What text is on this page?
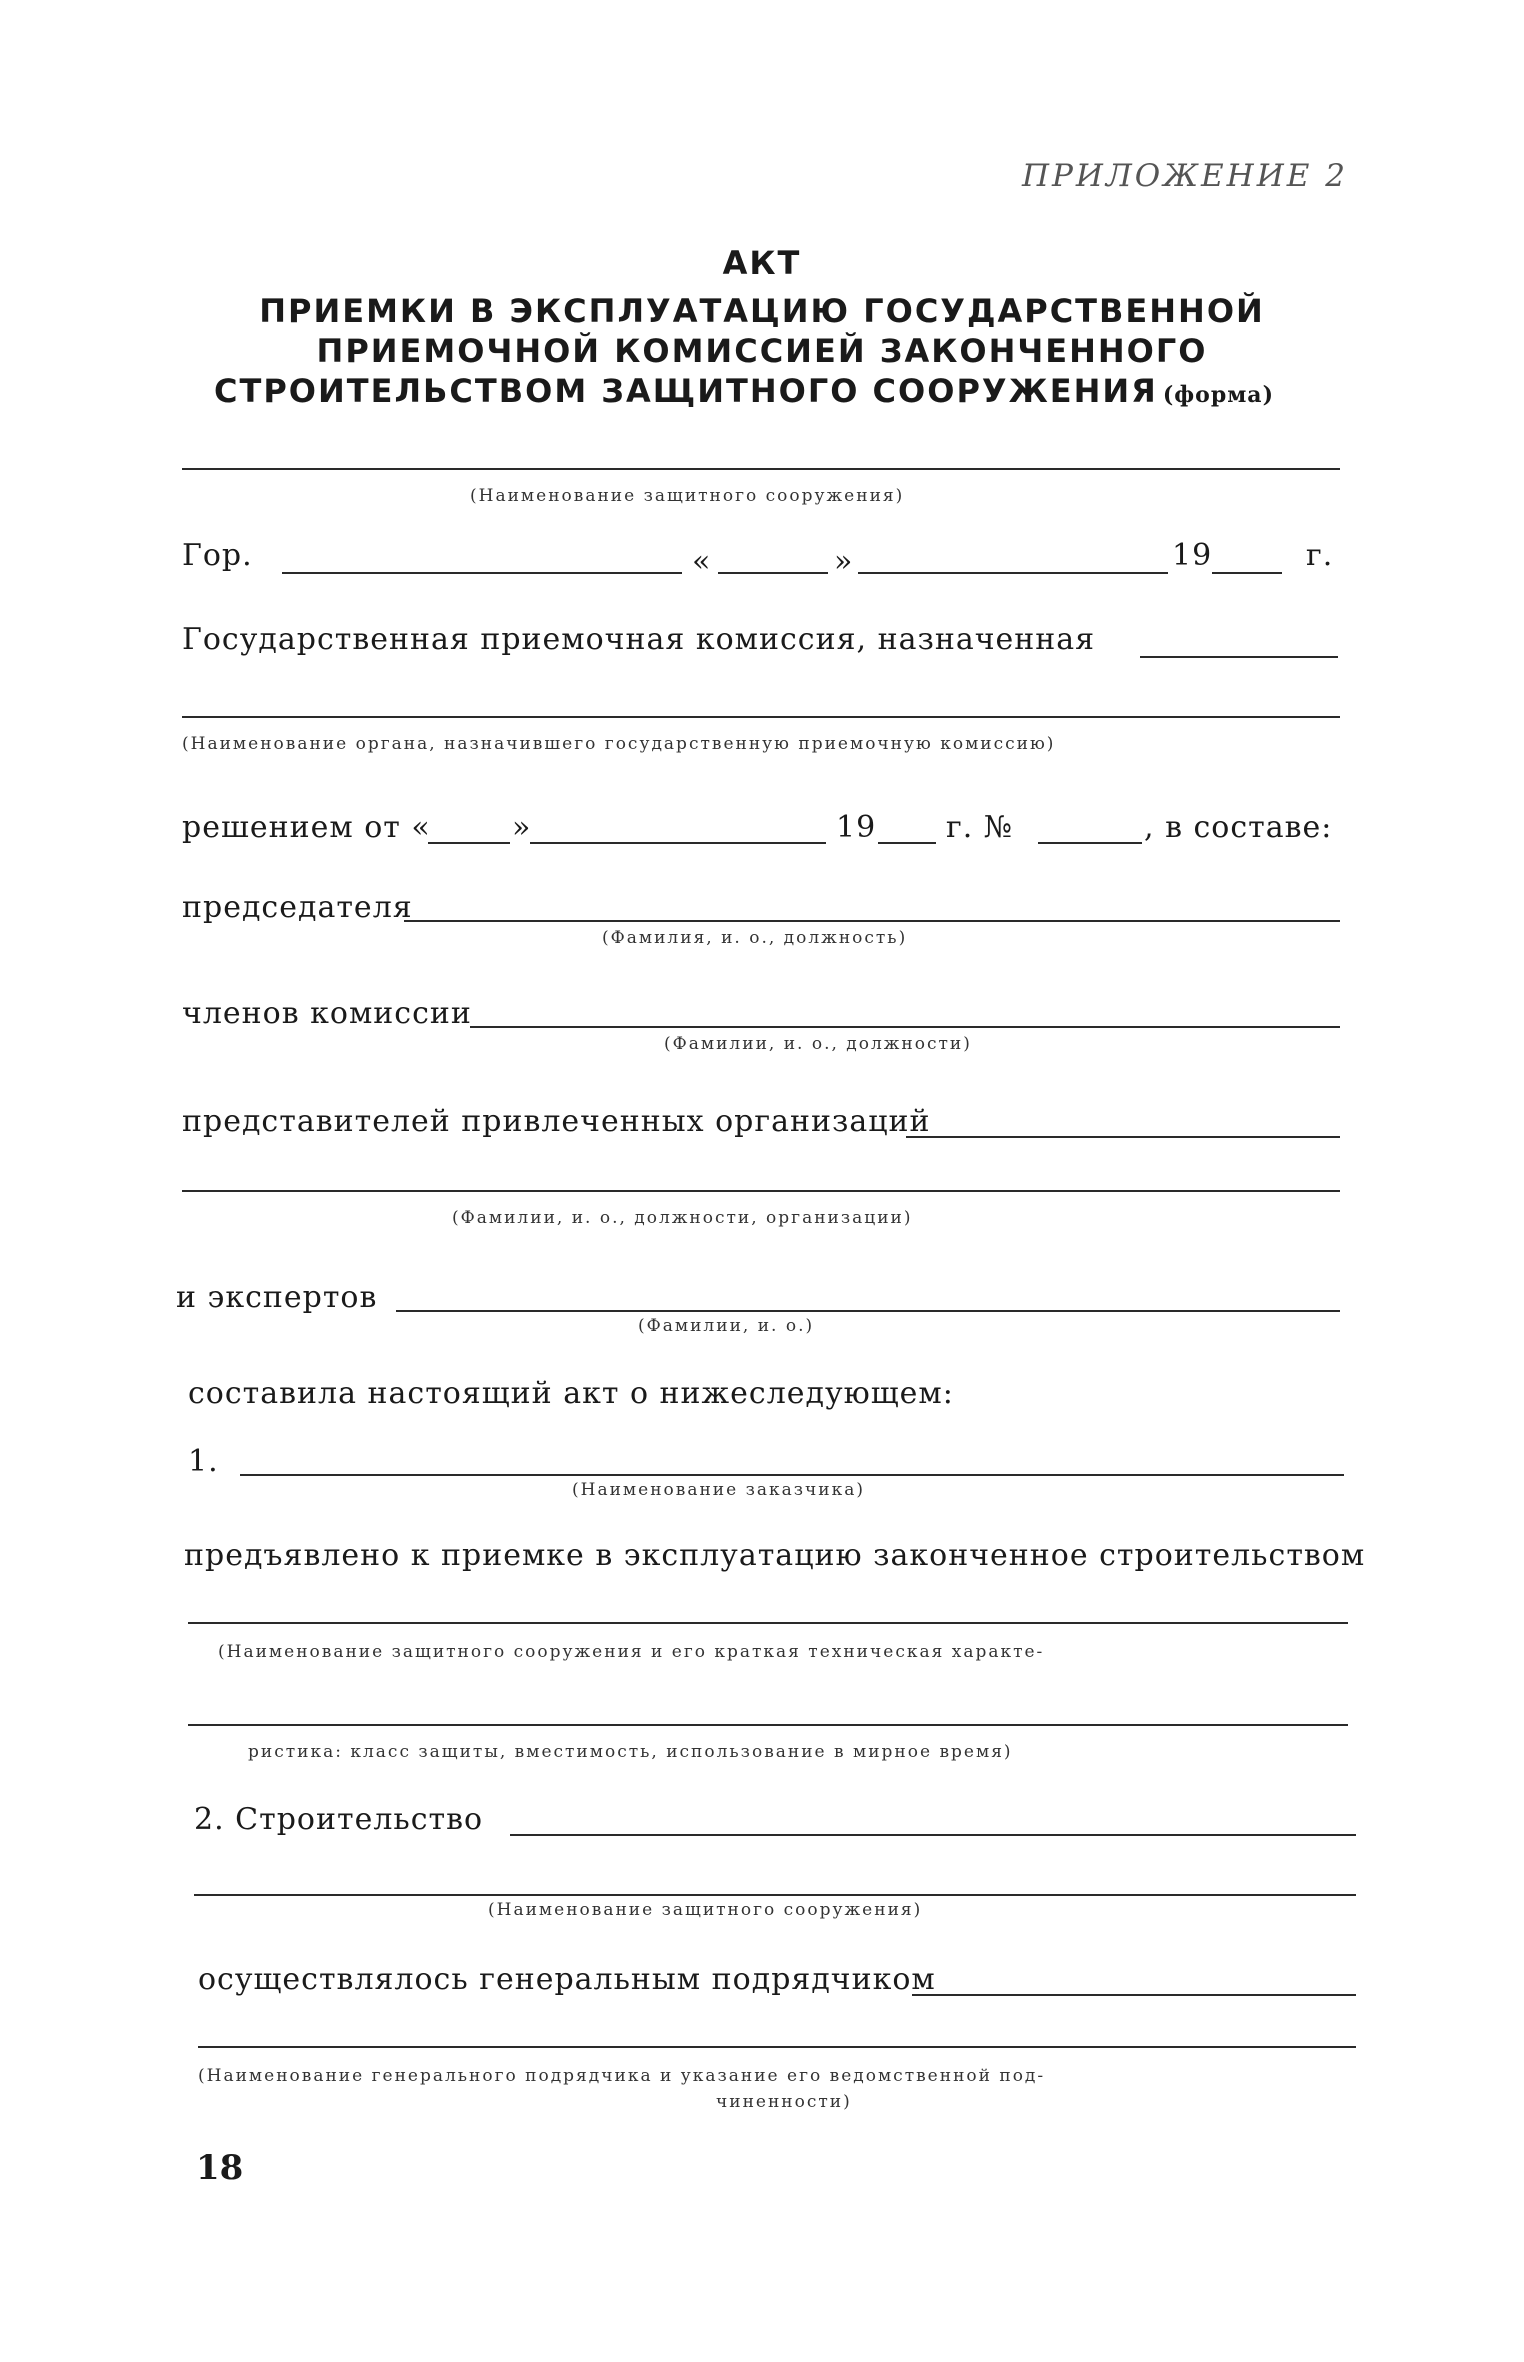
ПРИЛОЖЕНИЕ 2
АКТ
ПРИЕМКИ В ЭКСПЛУАТАЦИЮ ГОСУДАРСТВЕННОЙ
ПРИЕМОЧНОЙ КОМИССИЕЙ ЗАКОНЧЕННОГО
СТРОИТЕЛЬСТВОМ ЗАЩИТНОГО СООРУЖЕНИЯ (форма)
(Наименование защитного сооружения)
Гор.	«	»	19	г.
Государственная приемочная комиссия, назначенная
(Наименование органа, назначившего государственную приемочную комиссию)
решением от «	»	19 г. №	, в составе:
председателя
(Фамилия, и. о., должность)
членов комиссии
(Фамилии, и. о., должности)
представителей привлеченных организаций
(Фамилии, и. о., должности, организации)
и экспертов
(Фамилии, и. о.)
составила настоящий акт о нижеследующем:
1.
(Наименование заказчика)
предъявлено к приемке в эксплуатацию законченное строительством
(Наименование защитного сооружения и его краткая техническая характе-
ристика: класс защиты, вместимость, использование в мирное время)
2. Строительство
(Наименование защитного сооружения)
осуществлялось генеральным подрядчиком
(Наименование генерального подрядчика и указание его ведомственной под-
чиненности)
18
